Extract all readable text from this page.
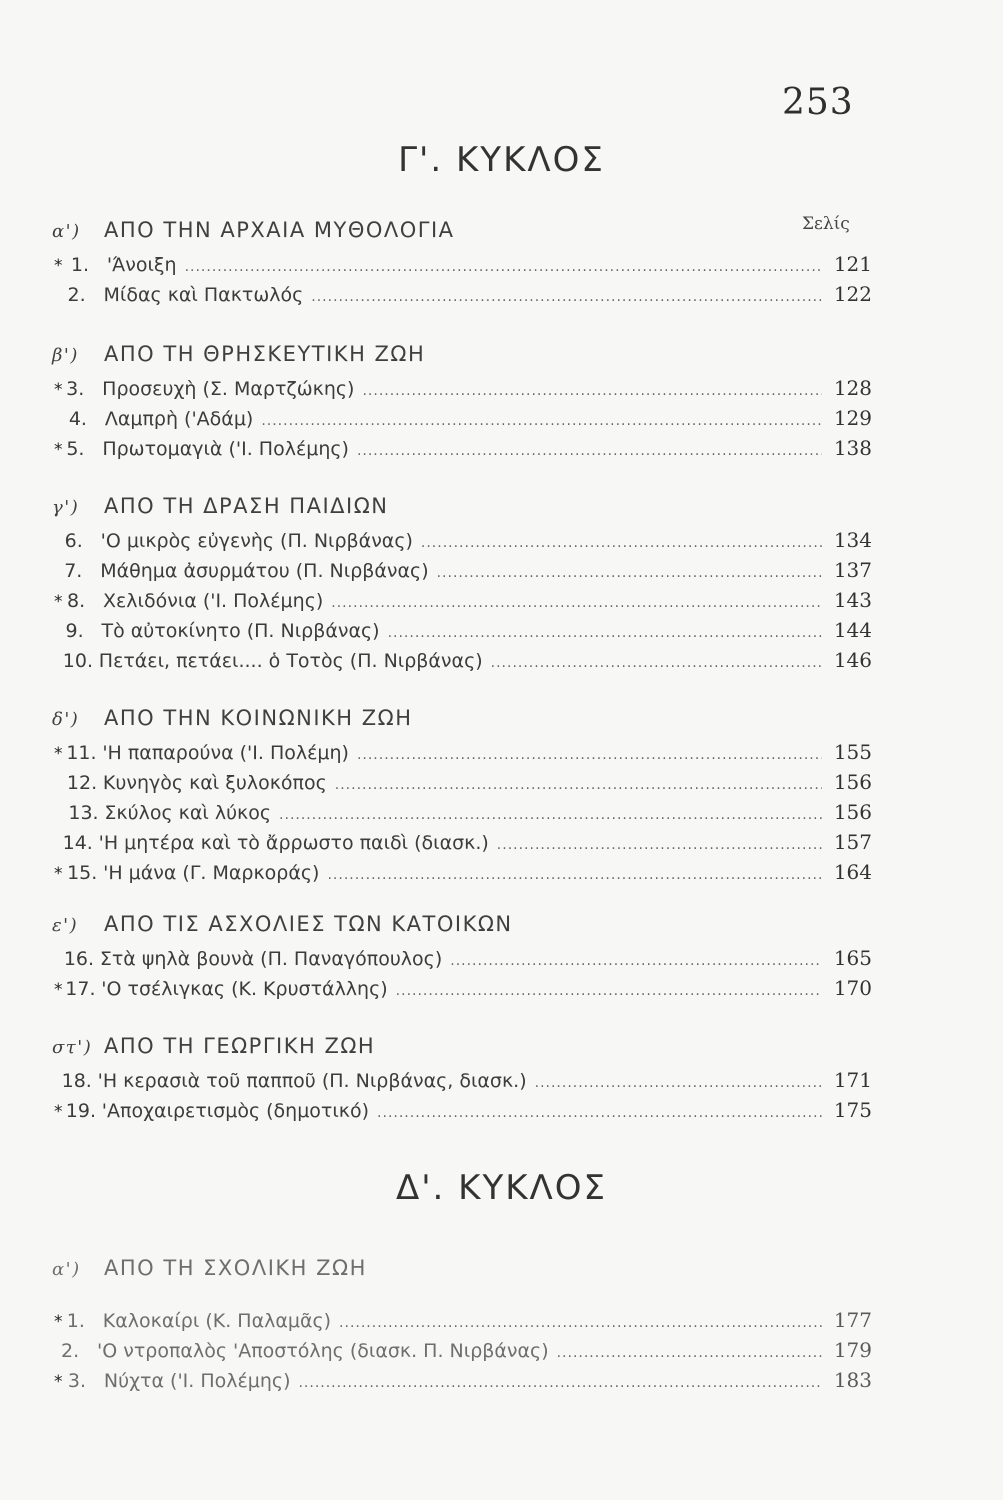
253
Γ'. ΚΥΚΛΟΣ
Σελίς
α')	ΑΠΟ ΤΗΝ ΑΡΧΑΙΑ ΜΥΘΟΛΟΓΙΑ
* 1. 'Άνοιξη .....	121
2. Μίδας καὶ Πακτωλός .....	122
β')	ΑΠΟ ΤΗ ΘΡΗΣΚΕΥΤΙΚΗ ΖΩΗ
* 3. Προσευχὴ (Σ. Μαρτζώκης) .....	128
4. Λαμπρὴ ('Αδάμ) .....	129
* 5. Πρωτομαγιὰ ('Ι. Πολέμης) .....	138
γ')	ΑΠΟ ΤΗ ΔΡΑΣΗ ΠΑΙΔΙΩΝ
6. 'Ο μικρὸς εὐγενὴς (Π. Νιρβάνας) .....	134
7. Μάθημα ἀσυρμάτου (Π. Νιρβάνας) .....	137
* 8. Χελιδόνια ('Ι. Πολέμης) .....	143
9. Τὸ αὐτοκίνητο (Π. Νιρβάνας) .....	144
10. Πετάει, πετάει.... ὁ Τοτὸς (Π. Νιρβάνας) .....	146
δ')	ΑΠΟ ΤΗΝ ΚΟΙΝΩΝΙΚΗ ΖΩΗ
* 11. 'Η παπαρούνα ('Ι. Πολέμη) .....	155
12. Κυνηγὸς καὶ ξυλοκόπος .....	156
13. Σκύλος καὶ λύκος .....	156
14. 'Η μητέρα καὶ τὸ ἄρρωστο παιδὶ (διασκ.) .....	157
* 15. 'Η μάνα (Γ. Μαρκοράς) .....	164
ε')	ΑΠΟ ΤΙΣ ΑΣΧΟΛΙΕΣ ΤΩΝ ΚΑΤΟΙΚΩΝ
16. Στὰ ψηλὰ βουνὰ (Π. Παναγόπουλος) .....	165
* 17. 'Ο τσέλιγκας (Κ. Κρυστάλλης) .....	170
στ') ΑΠΟ ΤΗ ΓΕΩΡΓΙΚΗ ΖΩΗ
18. 'Η κερασιὰ τοῦ παπποῦ (Π. Νιρβάνας, διασκ.) .....	171
* 19. 'Αποχαιρετισμὸς (δημοτικό) .....	175
Δ'. ΚΥΚΛΟΣ
α')	ΑΠΟ ΤΗ ΣΧΟΛΙΚΗ ΖΩΗ
* 1. Καλοκαίρι (Κ. Παλαμᾶς) .....	177
2. 'Ο ντροπαλὸς 'Αποστόλης (διασκ. Π. Νιρβάνας) .....	179
* 3. Νύχτα ('Ι. Πολέμης) .....	183
